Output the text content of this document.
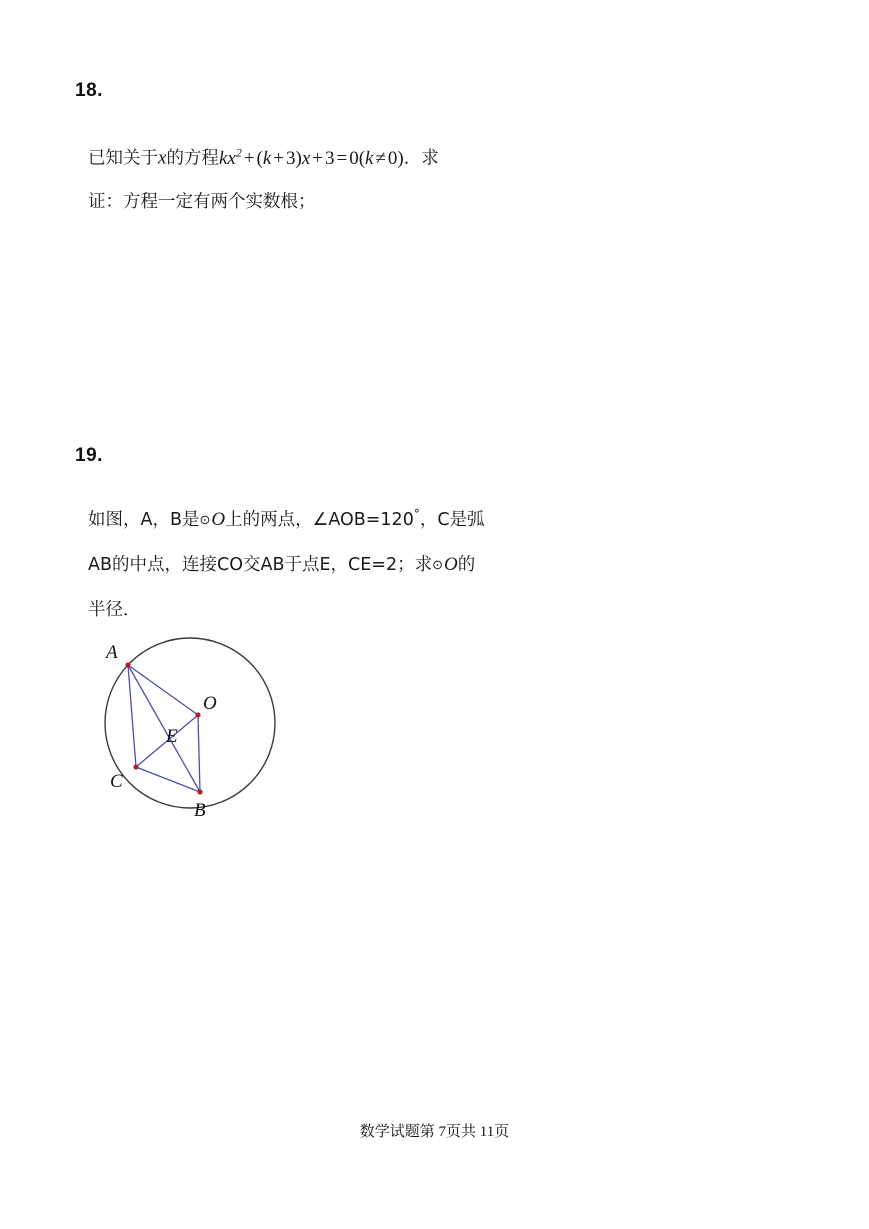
18.
已知关于x的方程$kx^2 + (k + 3)x + 3 = 0(k \ne 0)$．求
证：方程一定有两个实数根；
19.
如图，A，B是⊙O上的两点，∠AOB=120°，C是弧
AB的中点，连接CO交AB于点E，CE=2；求⊙O的
半径．
A
B
C
E
O
数学试题第 7页共 11页
